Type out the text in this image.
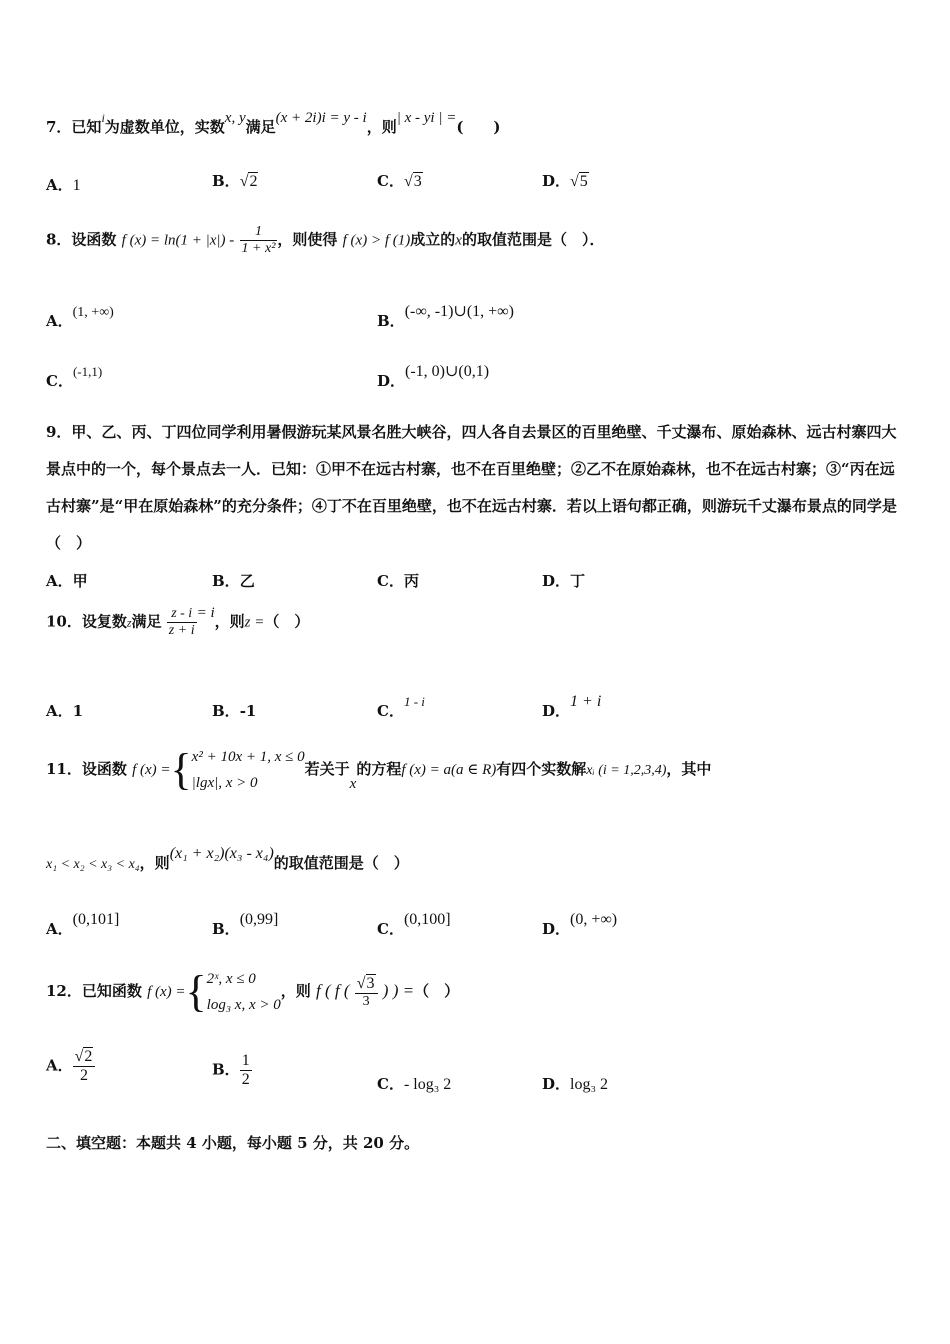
7．已知$^i$为虚数单位，实数x, y满足(x + 2i)i = y - i，则| x - yi | =(　　)
A．1	B．√2	C．√3	D．√5
8．设函数 f $(x) = \ln(1 + |x|) - \frac{1}{\text{1 + x²}}$ ，则使得 f (x) > f (1)成立的x的取值范围是（　）．
A．(1, +∞)	B．(-∞, -1)∪(1, +∞)
C．(-1,1)
D．(-1, 0)∪(0,1)
9．甲、乙、丙、丁四位同学利用暑假游玩某风景名胜大峡谷，四人各自去景区的百里绝壁、千丈瀑布、原始森林、远古村寨四大景点中的一个，每个景点去一人．已知：①甲不在远古村寨，也不在百里绝壁；②乙不在原始森林，也不在远古村寨；③“丙在远古村寨”是“甲在原始森林”的充分条件；④丁不在百里绝壁，也不在远古村寨．若以上语句都正确，则游玩千丈瀑布景点的同学是（　）
A．甲	B．乙	C．丙	D．丁
10．设复数z满足 $\frac{z - i}{z + i} = i$，则z =（　）
A．1	B．-1	C．1 - i
D．1 + i
11．设函数 f (x) ={ x² + 10x + 1, x ≤ 0
|lgx|, x > 0
若关于x的方程f (x) = a(a ∈ R)有四个实数解xᵢ (i = 1,2,3,4)，其中
x₁ < x₂ < x₃ < x₄，则(x₁ + x₂)(x₃ - x₄)的取值范围是（　）
A．(0,101]
B．(0,99]
C．(0,100]
D．(0, +∞)
12．已知函数 f (x) ={ 2ˣ, x ≤ 0
log₃ x, x > 0
，则 f ( f ( $\frac{√3}{3}$ ) ) =（　）
A． $\frac{√2}{2}$	B． $\frac{1}{2}$	C．- log₃ 2	D．log₃ 2
二、填空题：本题共 4 小题，每小题 5 分，共 20 分。
